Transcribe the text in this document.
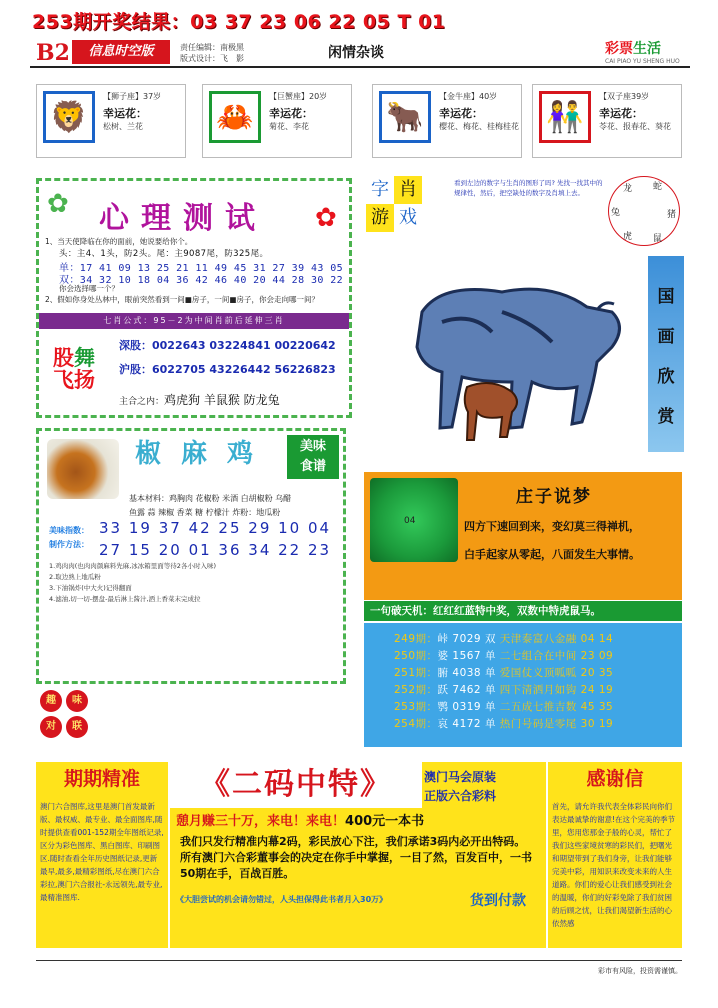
253期开奖结果：03 37 23 06 22 05 T 01
B2	信息时空版	责任编辑：南极黑
版式设计：飞　影	闲情杂谈	彩票生活
CAI PIAO YU SHENG HUO
🦁
【狮子座】37岁
幸运花：
松树、兰花	🦀
【巨蟹座】20岁
幸运花：
菊花、李花	🐂
【金牛座】40岁
幸运花：
樱花、梅花、桂梅桂花 👫
【双子座39岁
幸运花：
苓花、报春花、葵花
✿	✿
心理测试
1、当天使降临在你的面前，她说要给你个。
头：主4、1头，防2头。尾：主9087尾，防325尾。
单：17 41 09 13 25 21 11 49 45 31 27 39 43 05
双：34 32 10 18 04 36 42 46 40 20 44 28 30 22
你会选择哪一个？
2、假如你身处丛林中，眼前突然看到一间■房子，一间■房子，你会走向哪一间？
七肖公式：95－2为中间肖前后延伸三肖
股舞
飞扬
深股：0022643 03224841 00220642
沪股：6022705 43226442 56226823
主合之内：鸡虎狗 羊鼠猴 防龙兔
椒麻鸡	美味
食谱
基本材料：鸡胸肉 花椒粉 米酒 白胡椒粉 乌醋
鱼露 蒜 辣椒 香菜 糖 柠檬汁 炸粉：地瓜粉
美味指数： 33 19 37 42 25 29 10 04
制作方法： 27 15 20 01 36 34 22 23
1.鸡肉肉(也肉肉颜麻料先麻,冰冰箱里面等待2各小时入味)
2.取边熟上地瓜粉
3.下油锅炸(中大火)记得翻面
4.滤油,切一切-摆盘-最后淋上酱汁,洒上香菜末完成拉
趣	味
对	联
字 肖
游 戏
看到左边的数字与生肖的图形了吗? 先找一找其中的规律性，然后，把空缺处的数字及肖填上去。	龙 蛇
猪
鼠
虎
兔
国
画
欣
赏
04
庄子说梦
四方下速回到来，变幻莫三得禅机，
白手起家从零起，八面发生大事情。
一句破天机：红红红蓝特中奖，双数中特虎鼠马。
249期：峠 7029 双 天津泰富八金融 04 14
250期：婆 1567 单 二七组合在中间 23 09
251期：腑 4038 单 爱国仗义顶呱呱 20 35
252期：跃 7462 单 四下清洒月如钩 24 19
253期：鹗 0319 单 二五成七推吉数 45 35
254期：哀 4172 单 热门号码是零尾 30 19
期期精准
澳门六合图库,这里是澳门首发最新版、最权威、最专业、最全面图库,随时提供查看001-152期全年图纸记录,区分为彩色图库、黑白图库、印刷图区.随时查看全年历史图纸记录,更新最早,最多,最精彩图纸,尽在澳门六合彩拉,澳门六合报社-永远领先,最专业,最精准图库.
《二码中特》	澳门马会原装
正版六合彩料
憩月赚三十万，来电！来电！400元一本书
我们只发行精准内幕2码，彩民放心下注，我们承诺3码内必开出特码。所有澳门六合彩董事会的决定在你手中掌握，一目了然，百发百中，一书50期在手，百战百胜。
《大胆尝试的机会请勿错过，人头担保得此书者月入30万》	货到付款
感谢信
首先，请允许我代表全体彩民向你们表达最诚挚的谢意!在这个完美的季节里，您用您那金子般的心灵，帮忙了我们这些家境贫寒的彩民们，把曙光和期望带到了我们身旁，让我们能够完美中彩，用知识来改变未来的人生道路。你们的爱心让我们感受到社会的温暖，你们的好彩免除了我们贫困的后顾之忧，让我们渴望新生活的心依然感
彩市有风险，投资需谨慎。
